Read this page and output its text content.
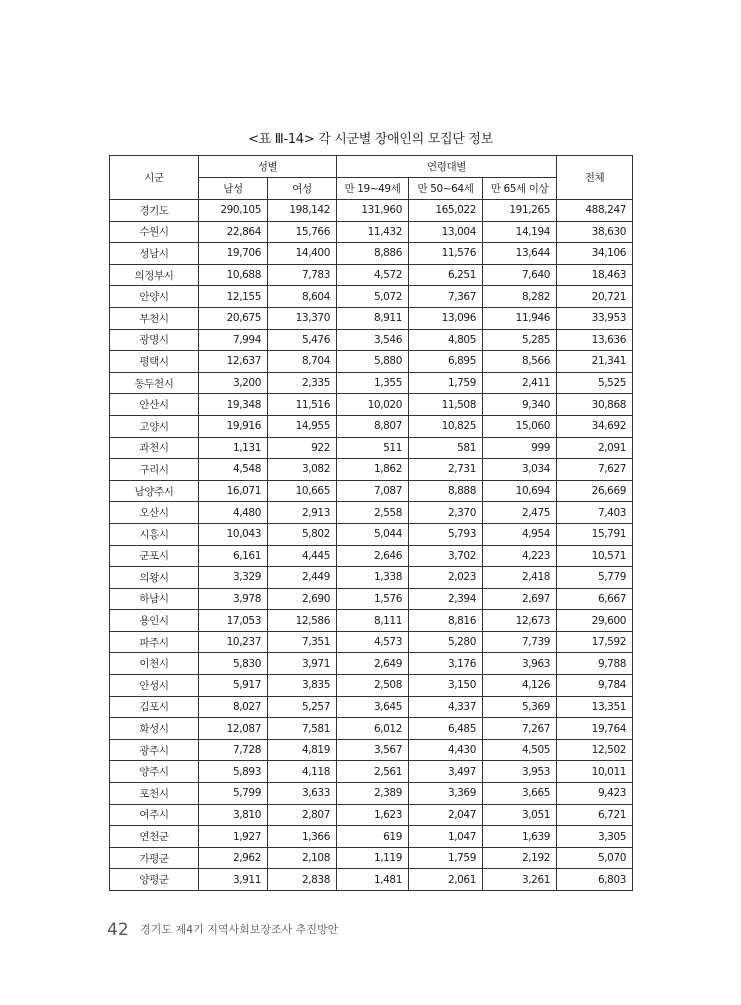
<표 Ⅲ-14> 각 시군별 장애인의 모집단 정보
시군	성별		연령대별			전체
	남성	여성	만 19~49세	만 50~64세	만 65세 이상	
경기도	290,105	198,142	131,960	165,022	191,265	488,247
수원시	22,864	15,766	11,432	13,004	14,194	38,630
성남시	19,706	14,400	8,886	11,576	13,644	34,106
의정부시	10,688	7,783	4,572	6,251	7,640	18,463
안양시	12,155	8,604	5,072	7,367	8,282	20,721
부천시	20,675	13,370	8,911	13,096	11,946	33,953
광명시	7,994	5,476	3,546	4,805	5,285	13,636
평택시	12,637	8,704	5,880	6,895	8,566	21,341
동두천시	3,200	2,335	1,355	1,759	2,411	5,525
안산시	19,348	11,516	10,020	11,508	9,340	30,868
고양시	19,916	14,955	8,807	10,825	15,060	34,692
과천시	1,131	922	511	581	999	2,091
구리시	4,548	3,082	1,862	2,731	3,034	7,627
남양주시	16,071	10,665	7,087	8,888	10,694	26,669
오산시	4,480	2,913	2,558	2,370	2,475	7,403
시흥시	10,043	5,802	5,044	5,793	4,954	15,791
군포시	6,161	4,445	2,646	3,702	4,223	10,571
의왕시	3,329	2,449	1,338	2,023	2,418	5,779
하남시	3,978	2,690	1,576	2,394	2,697	6,667
용인시	17,053	12,586	8,111	8,816	12,673	29,600
파주시	10,237	7,351	4,573	5,280	7,739	17,592
이천시	5,830	3,971	2,649	3,176	3,963	9,788
안성시	5,917	3,835	2,508	3,150	4,126	9,784
김포시	8,027	5,257	3,645	4,337	5,369	13,351
화성시	12,087	7,581	6,012	6,485	7,267	19,764
광주시	7,728	4,819	3,567	4,430	4,505	12,502
양주시	5,893	4,118	2,561	3,497	3,953	10,011
포천시	5,799	3,633	2,389	3,369	3,665	9,423
여주시	3,810	2,807	1,623	2,047	3,051	6,721
연천군	1,927	1,366	619	1,047	1,639	3,305
가평군	2,962	2,108	1,119	1,759	2,192	5,070
양평군	3,911	2,838	1,481	2,061	3,261	6,803
42 경기도 제4기 지역사회보장조사 추진방안
